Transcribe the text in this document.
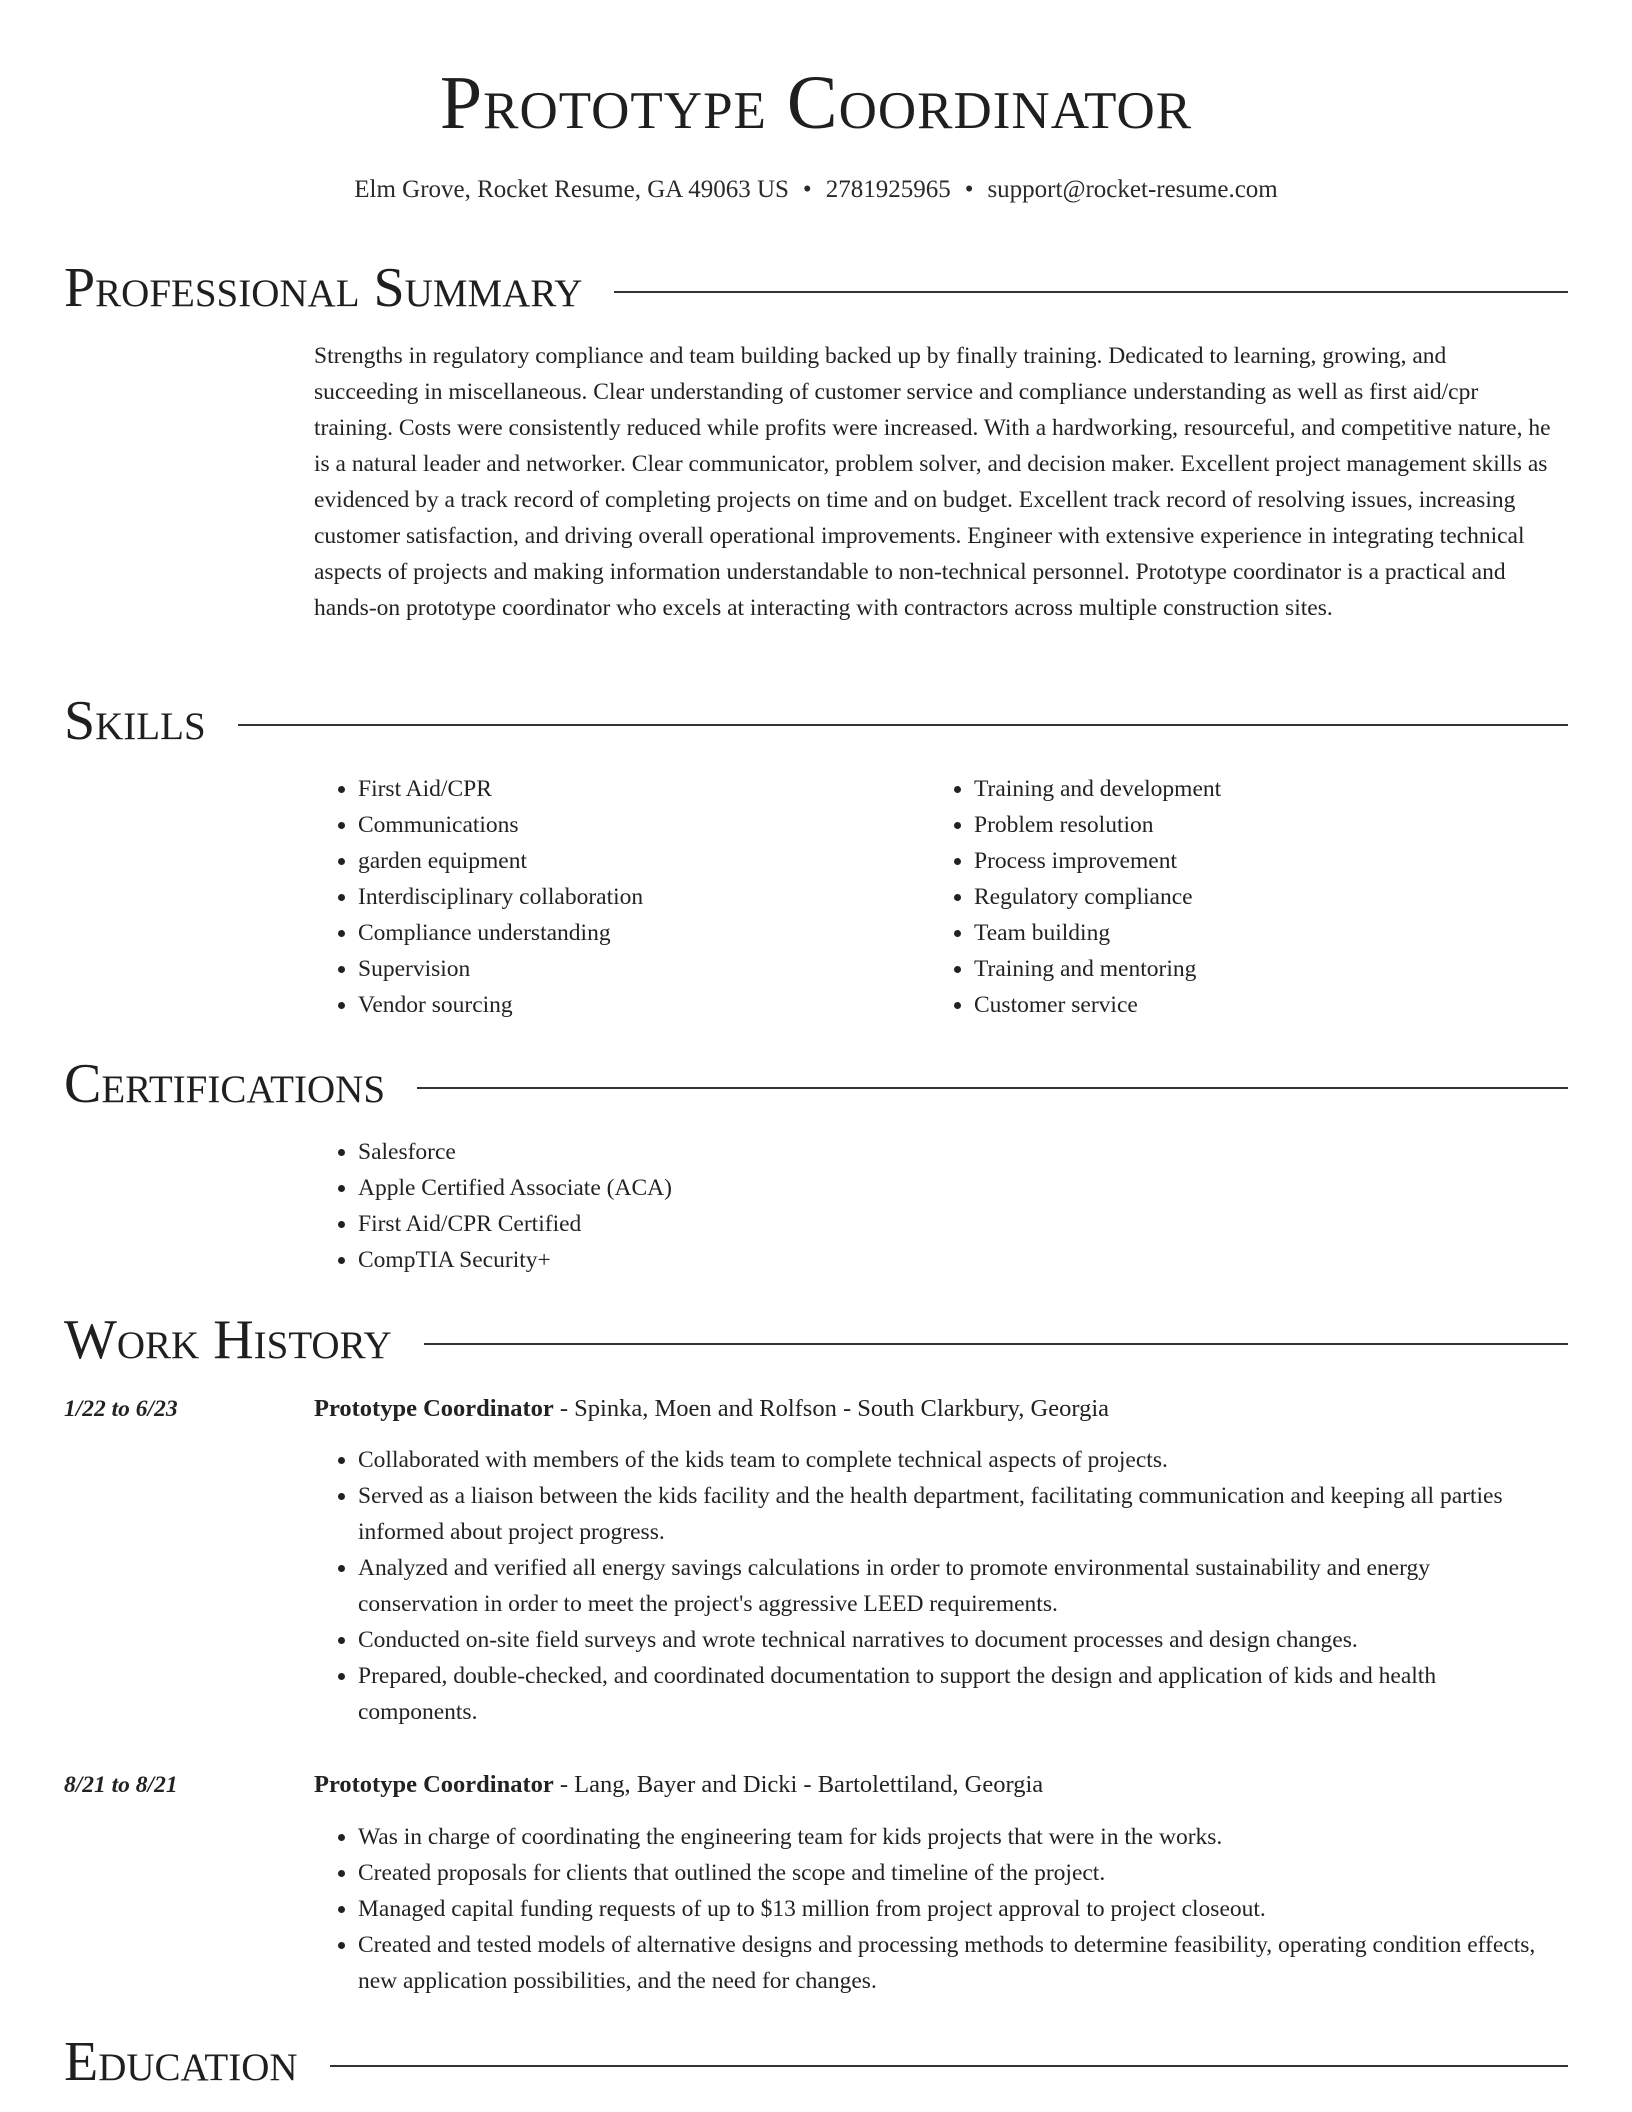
Prototype Coordinator
Elm Grove, Rocket Resume, GA 49063 US • 2781925965 • support@rocket-resume.com
Professional Summary

Strengths in regulatory compliance and team building backed up by finally training. Dedicated to learning, growing, and succeeding in miscellaneous. Clear understanding of customer service and compliance understanding as well as first aid/cpr training. Costs were consistently reduced while profits were increased. With a hardworking, resourceful, and competitive nature, he is a natural leader and networker. Clear communicator, problem solver, and decision maker. Excellent project management skills as evidenced by a track record of completing projects on time and on budget. Excellent track record of resolving issues, increasing customer satisfaction, and driving overall operational improvements. Engineer with extensive experience in integrating technical aspects of projects and making information understandable to non-technical personnel. Prototype coordinator is a practical and hands-on prototype coordinator who excels at interacting with contractors across multiple construction sites.

Skills
• First Aid/CPR
• Communications
• garden equipment
• Interdisciplinary collaboration
• Compliance understanding
• Supervision
• Vendor sourcing
• Training and development
• Problem resolution
• Process improvement
• Regulatory compliance
• Team building
• Training and mentoring
• Customer service
Certifications
• Salesforce
• Apple Certified Associate (ACA)
• First Aid/CPR Certified
• CompTIA Security+
Work History
1/22 to 6/23	Prototype Coordinator - Spinka, Moen and Rolfson - South Clarkbury, Georgia
• Collaborated with members of the kids team to complete technical aspects of projects.
• Served as a liaison between the kids facility and the health department, facilitating communication and keeping all parties informed about project progress.
• Analyzed and verified all energy savings calculations in order to promote environmental sustainability and energy conservation in order to meet the project's aggressive LEED requirements.
• Conducted on-site field surveys and wrote technical narratives to document processes and design changes.
• Prepared, double-checked, and coordinated documentation to support the design and application of kids and health components.
8/21 to 8/21	Prototype Coordinator - Lang, Bayer and Dicki - Bartolettiland, Georgia
• Was in charge of coordinating the engineering team for kids projects that were in the works.
• Created proposals for clients that outlined the scope and timeline of the project.
• Managed capital funding requests of up to $13 million from project approval to project closeout.
• Created and tested models of alternative designs and processing methods to determine feasibility, operating condition effects, new application possibilities, and the need for changes.
Education
